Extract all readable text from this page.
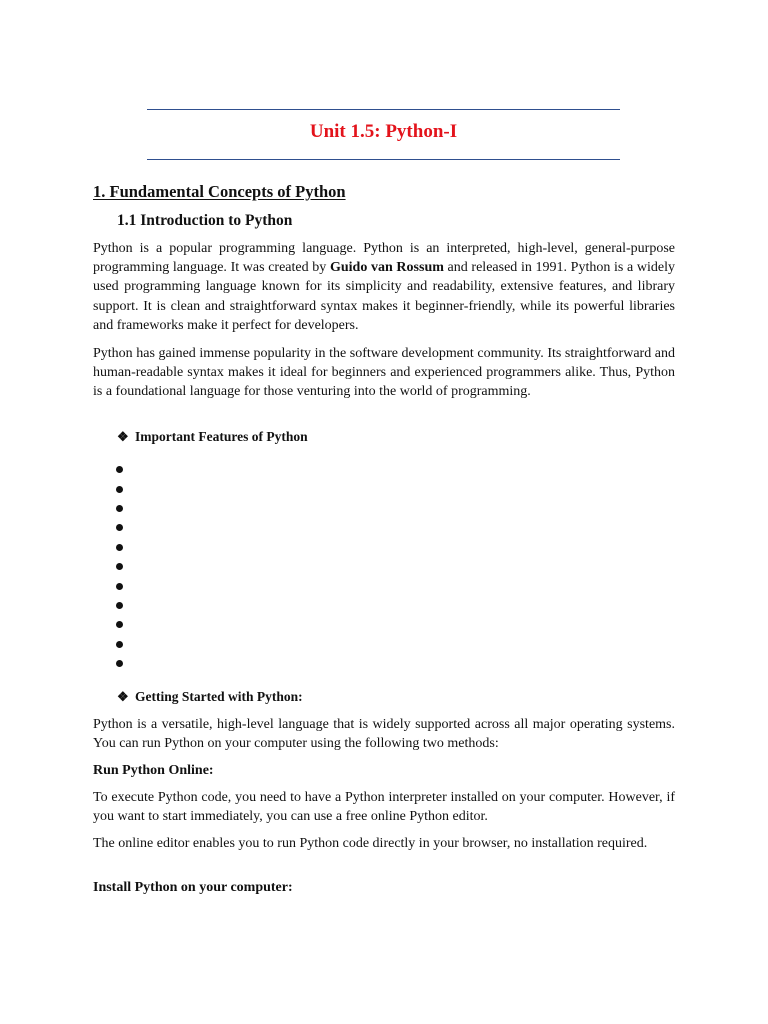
Unit 1.5: Python-I
1. Fundamental Concepts of Python
1.1 Introduction to Python

Python is a popular programming language. Python is an interpreted, high-level, general-purpose programming language. It was created by Guido van Rossum and released in 1991. Python is a widely used programming language known for its simplicity and readability, extensive features, and library support. It is clean and straightforward syntax makes it beginner-friendly, while its powerful libraries and frameworks make it perfect for developers.

Python has gained immense popularity in the software development community. Its straightforward and human-readable syntax makes it ideal for beginners and experienced programmers alike. Thus, Python is a foundational language for those venturing into the world of programming.

❖ Important Features of Python
❖ Getting Started with Python:

Python is a versatile, high-level language that is widely supported across all major operating systems. You can run Python on your computer using the following two methods:

Run Python Online:

To execute Python code, you need to have a Python interpreter installed on your computer. However, if you want to start immediately, you can use a free online Python editor.

The online editor enables you to run Python code directly in your browser, no installation required.

Install Python on your computer:
